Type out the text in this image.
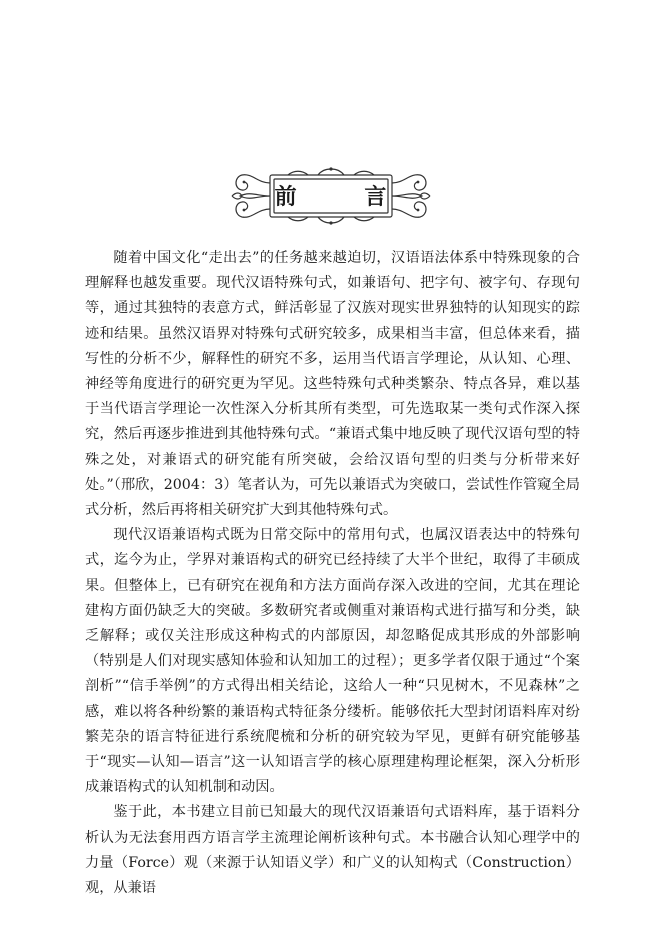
前 言

随着中国文化“走出去”的任务越来越迫切，汉语语法体系中特殊现象的合理解释也越发重要。现代汉语特殊句式，如兼语句、把字句、被字句、存现句等，通过其独特的表意方式，鲜活彰显了汉族对现实世界独特的认知现实的踪迹和结果。虽然汉语界对特殊句式研究较多，成果相当丰富，但总体来看，描写性的分析不少，解释性的研究不多，运用当代语言学理论，从认知、心理、神经等角度进行的研究更为罕见。这些特殊句式种类繁杂、特点各异，难以基于当代语言学理论一次性深入分析其所有类型，可先选取某一类句式作深入探究，然后再逐步推进到其他特殊句式。“兼语式集中地反映了现代汉语句型的特殊之处，对兼语式的研究能有所突破，会给汉语句型的归类与分析带来好处。”（邢欣，2004：3）笔者认为，可先以兼语式为突破口，尝试性作管窥全局式分析，然后再将相关研究扩大到其他特殊句式。

现代汉语兼语构式既为日常交际中的常用句式，也属汉语表达中的特殊句式，迄今为止，学界对兼语构式的研究已经持续了大半个世纪，取得了丰硕成果。但整体上，已有研究在视角和方法方面尚存深入改进的空间，尤其在理论建构方面仍缺乏大的突破。多数研究者或侧重对兼语构式进行描写和分类，缺乏解释；或仅关注形成这种构式的内部原因，却忽略促成其形成的外部影响（特别是人们对现实感知体验和认知加工的过程）；更多学者仅限于通过“个案剖析”“信手举例”的方式得出相关结论，这给人一种“只见树木，不见森林”之感，难以将各种纷繁的兼语构式特征条分缕析。能够依托大型封闭语料库对纷繁芜杂的语言特征进行系统爬梳和分析的研究较为罕见，更鲜有研究能够基于“现实—认知—语言”这一认知语言学的核心原理建构理论框架，深入分析形成兼语构式的认知机制和动因。

鉴于此，本书建立目前已知最大的现代汉语兼语句式语料库，基于语料分析认为无法套用西方语言学主流理论阐析该种句式。本书融合认知心理学中的力量（Force）观（来源于认知语义学）和广义的认知构式（Construction）观，从兼语
